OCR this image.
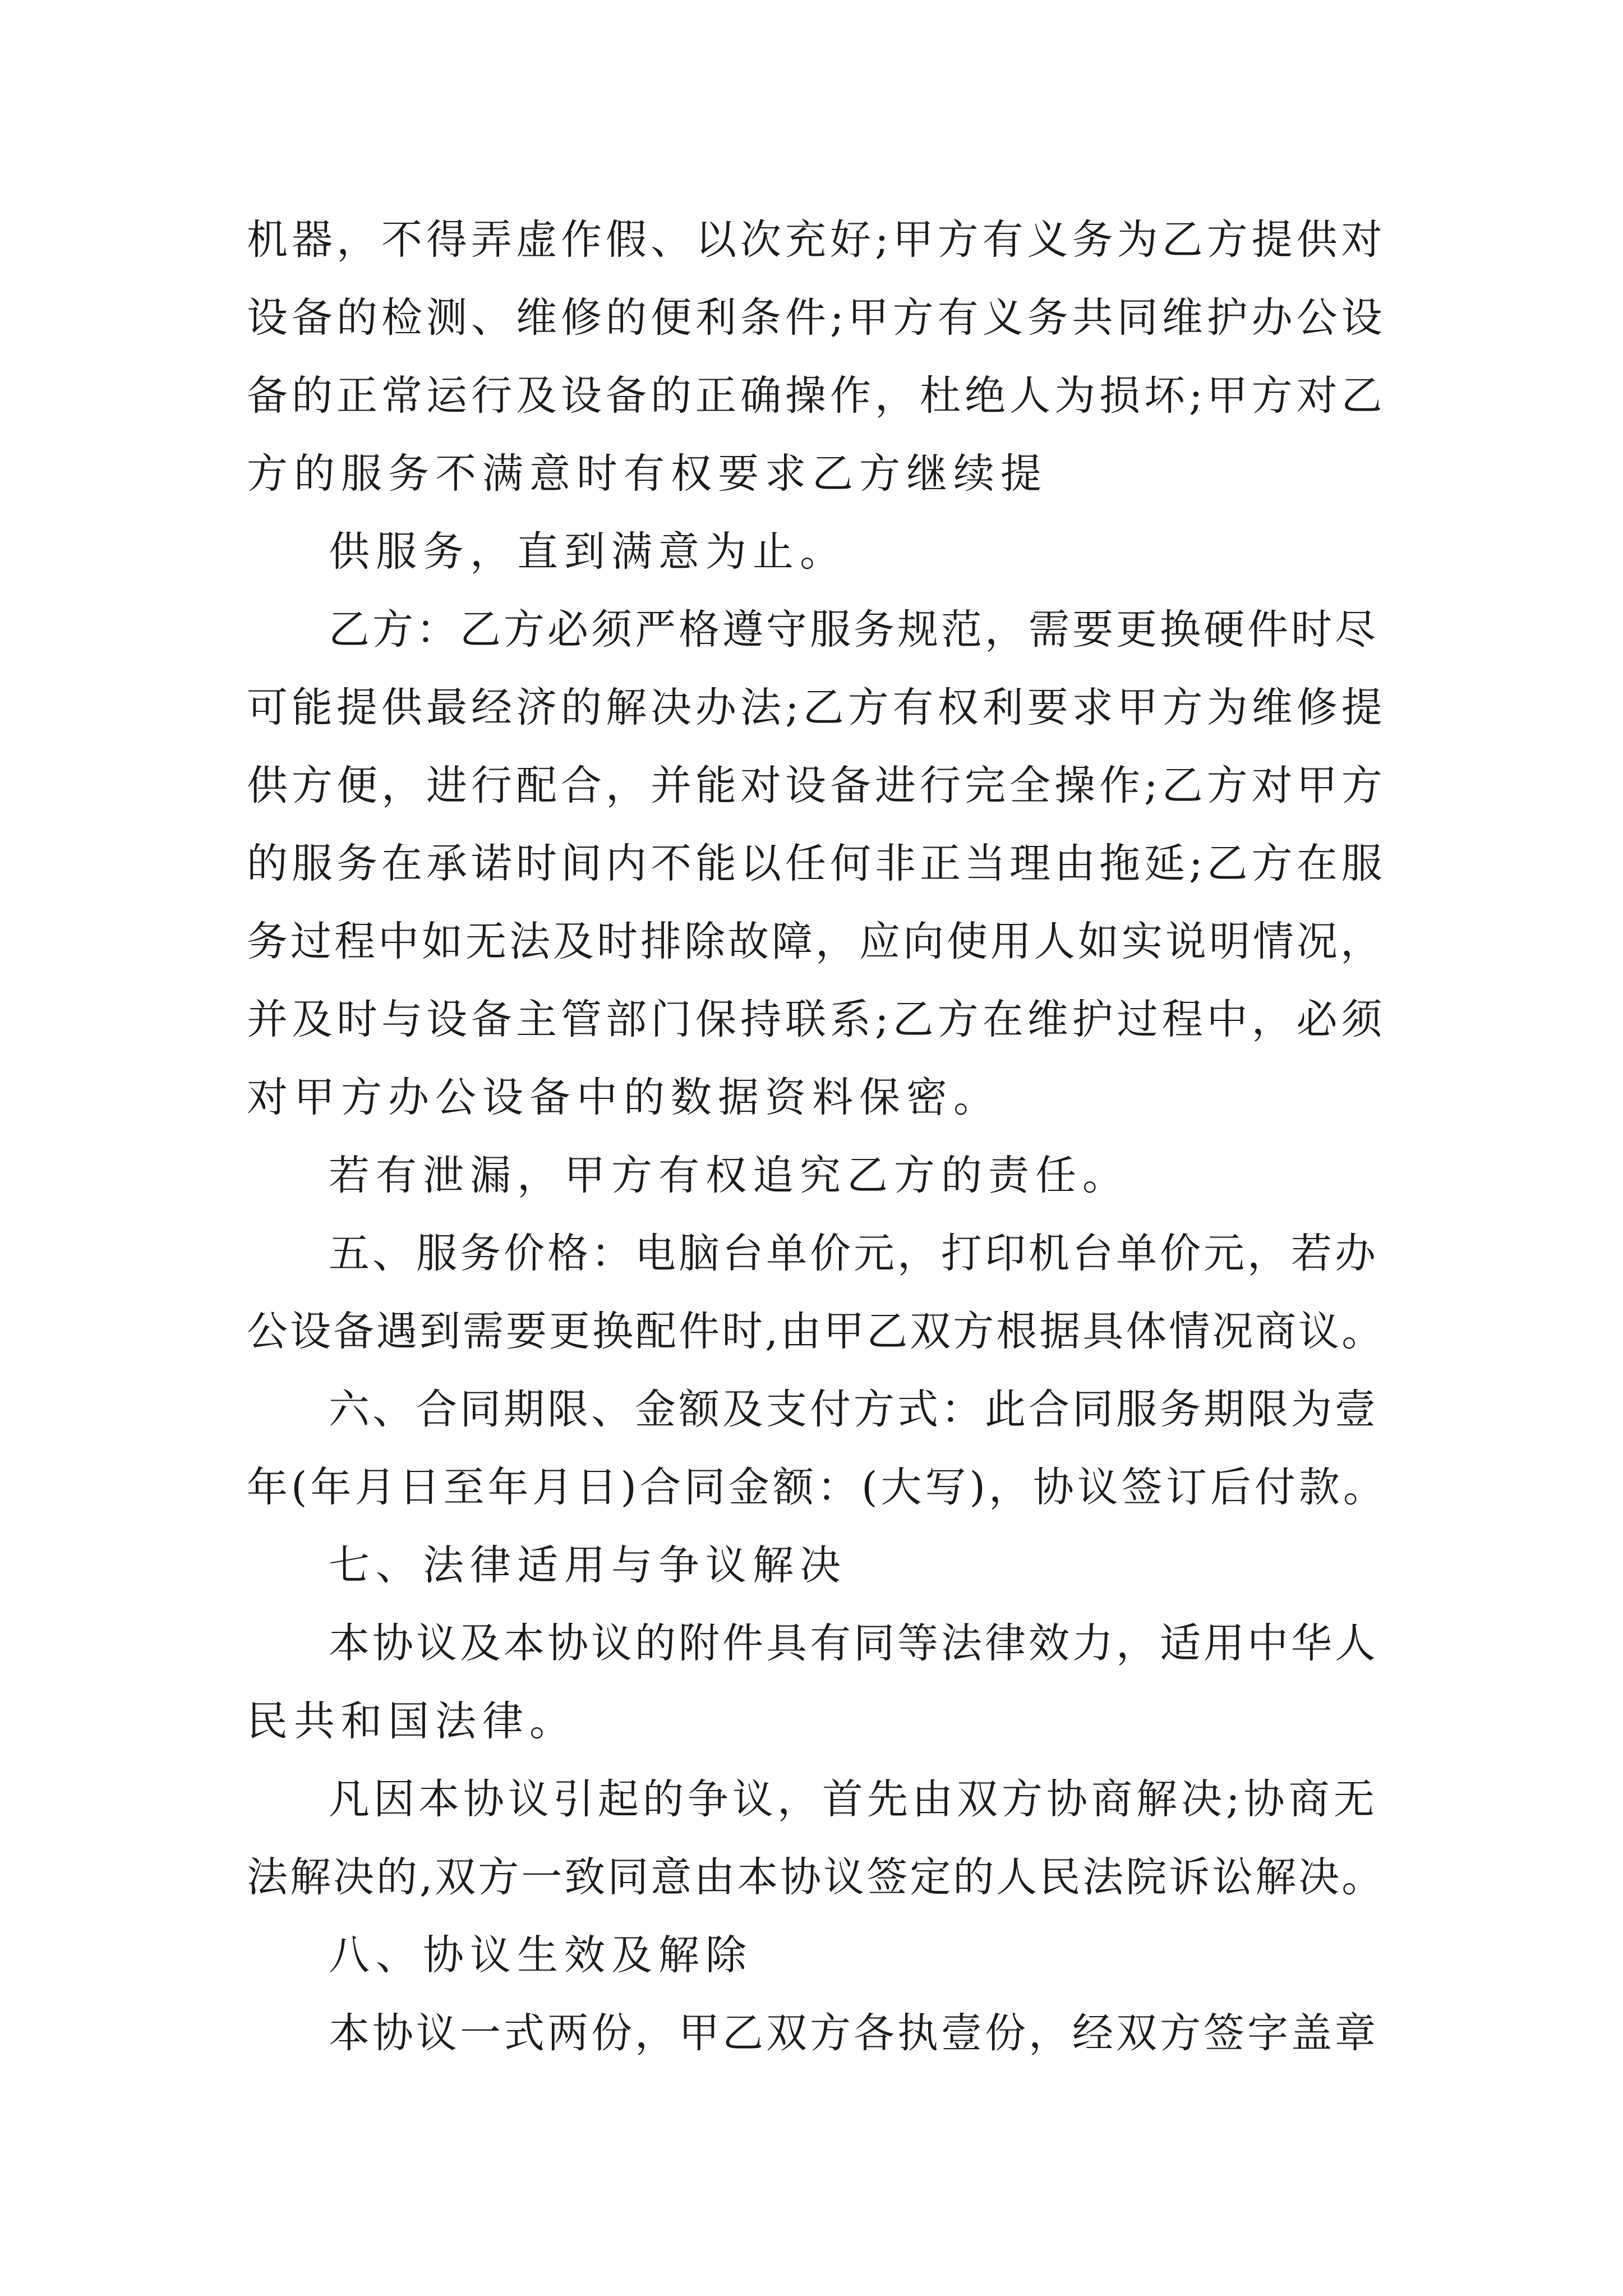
机器，不得弄虚作假、以次充好;甲方有义务为乙方提供对
设备的检测、维修的便利条件;甲方有义务共同维护办公设
备的正常运行及设备的正确操作，杜绝人为损坏;甲方对乙
方的服务不满意时有权要求乙方继续提
供服务，直到满意为止。
乙方：乙方必须严格遵守服务规范，需要更换硬件时尽
可能提供最经济的解决办法;乙方有权利要求甲方为维修提
供方便，进行配合，并能对设备进行完全操作;乙方对甲方
的服务在承诺时间内不能以任何非正当理由拖延;乙方在服
务过程中如无法及时排除故障，应向使用人如实说明情况，
并及时与设备主管部门保持联系;乙方在维护过程中，必须
对甲方办公设备中的数据资料保密。
若有泄漏，甲方有权追究乙方的责任。
五、服务价格：电脑台单价元，打印机台单价元，若办
公设备遇到需要更换配件时,由甲乙双方根据具体情况商议。
六、合同期限、金额及支付方式：此合同服务期限为壹
年(年月日至年月日)合同金额：(大写)，协议签订后付款。
七、法律适用与争议解决
本协议及本协议的附件具有同等法律效力，适用中华人
民共和国法律。
凡因本协议引起的争议，首先由双方协商解决;协商无
法解决的,双方一致同意由本协议签定的人民法院诉讼解决。
八、协议生效及解除
本协议一式两份，甲乙双方各执壹份，经双方签字盖章
